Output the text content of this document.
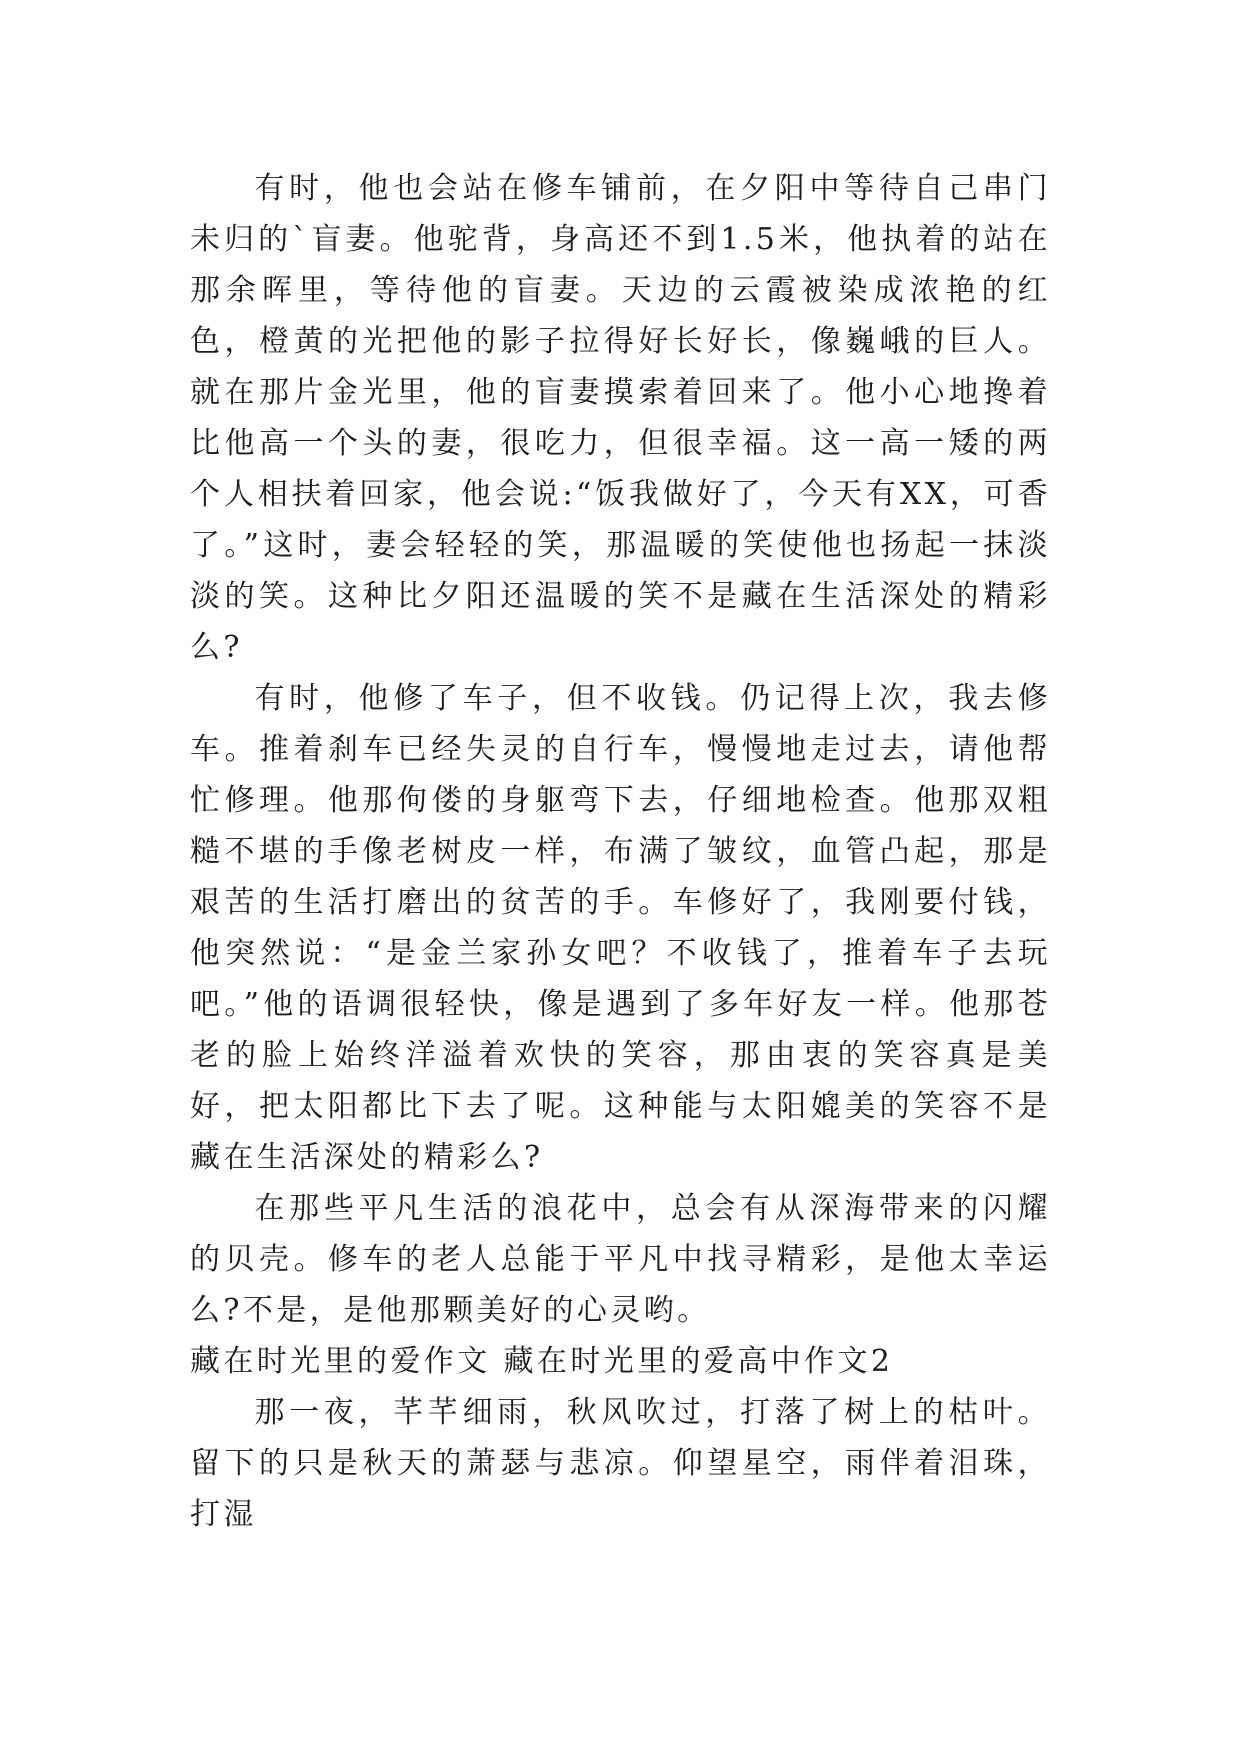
有时，他也会站在修车铺前，在夕阳中等待自己串门未归的`盲妻。他驼背，身高还不到1.5米，他执着的站在那余晖里，等待他的盲妻。天边的云霞被染成浓艳的红色，橙黄的光把他的影子拉得好长好长，像巍峨的巨人。就在那片金光里，他的盲妻摸索着回来了。他小心地搀着比他高一个头的妻，很吃力，但很幸福。这一高一矮的两个人相扶着回家，他会说:“饭我做好了，今天有XX，可香了。”这时，妻会轻轻的笑，那温暖的笑使他也扬起一抹淡淡的笑。这种比夕阳还温暖的笑不是藏在生活深处的精彩么?

有时，他修了车子，但不收钱。仍记得上次，我去修车。推着刹车已经失灵的自行车，慢慢地走过去，请他帮忙修理。他那佝偻的身躯弯下去，仔细地检查。他那双粗糙不堪的手像老树皮一样，布满了皱纹，血管凸起，那是艰苦的生活打磨出的贫苦的手。车修好了，我刚要付钱，他突然说：“是金兰家孙女吧？不收钱了，推着车子去玩吧。”他的语调很轻快，像是遇到了多年好友一样。他那苍老的脸上始终洋溢着欢快的笑容，那由衷的笑容真是美好，把太阳都比下去了呢。这种能与太阳媲美的笑容不是藏在生活深处的精彩么?

在那些平凡生活的浪花中，总会有从深海带来的闪耀的贝壳。修车的老人总能于平凡中找寻精彩，是他太幸运么?不是，是他那颗美好的心灵哟。

藏在时光里的爱作文 藏在时光里的爱高中作文2

那一夜，芊芊细雨，秋风吹过，打落了树上的枯叶。留下的只是秋天的萧瑟与悲凉。仰望星空，雨伴着泪珠，打湿
